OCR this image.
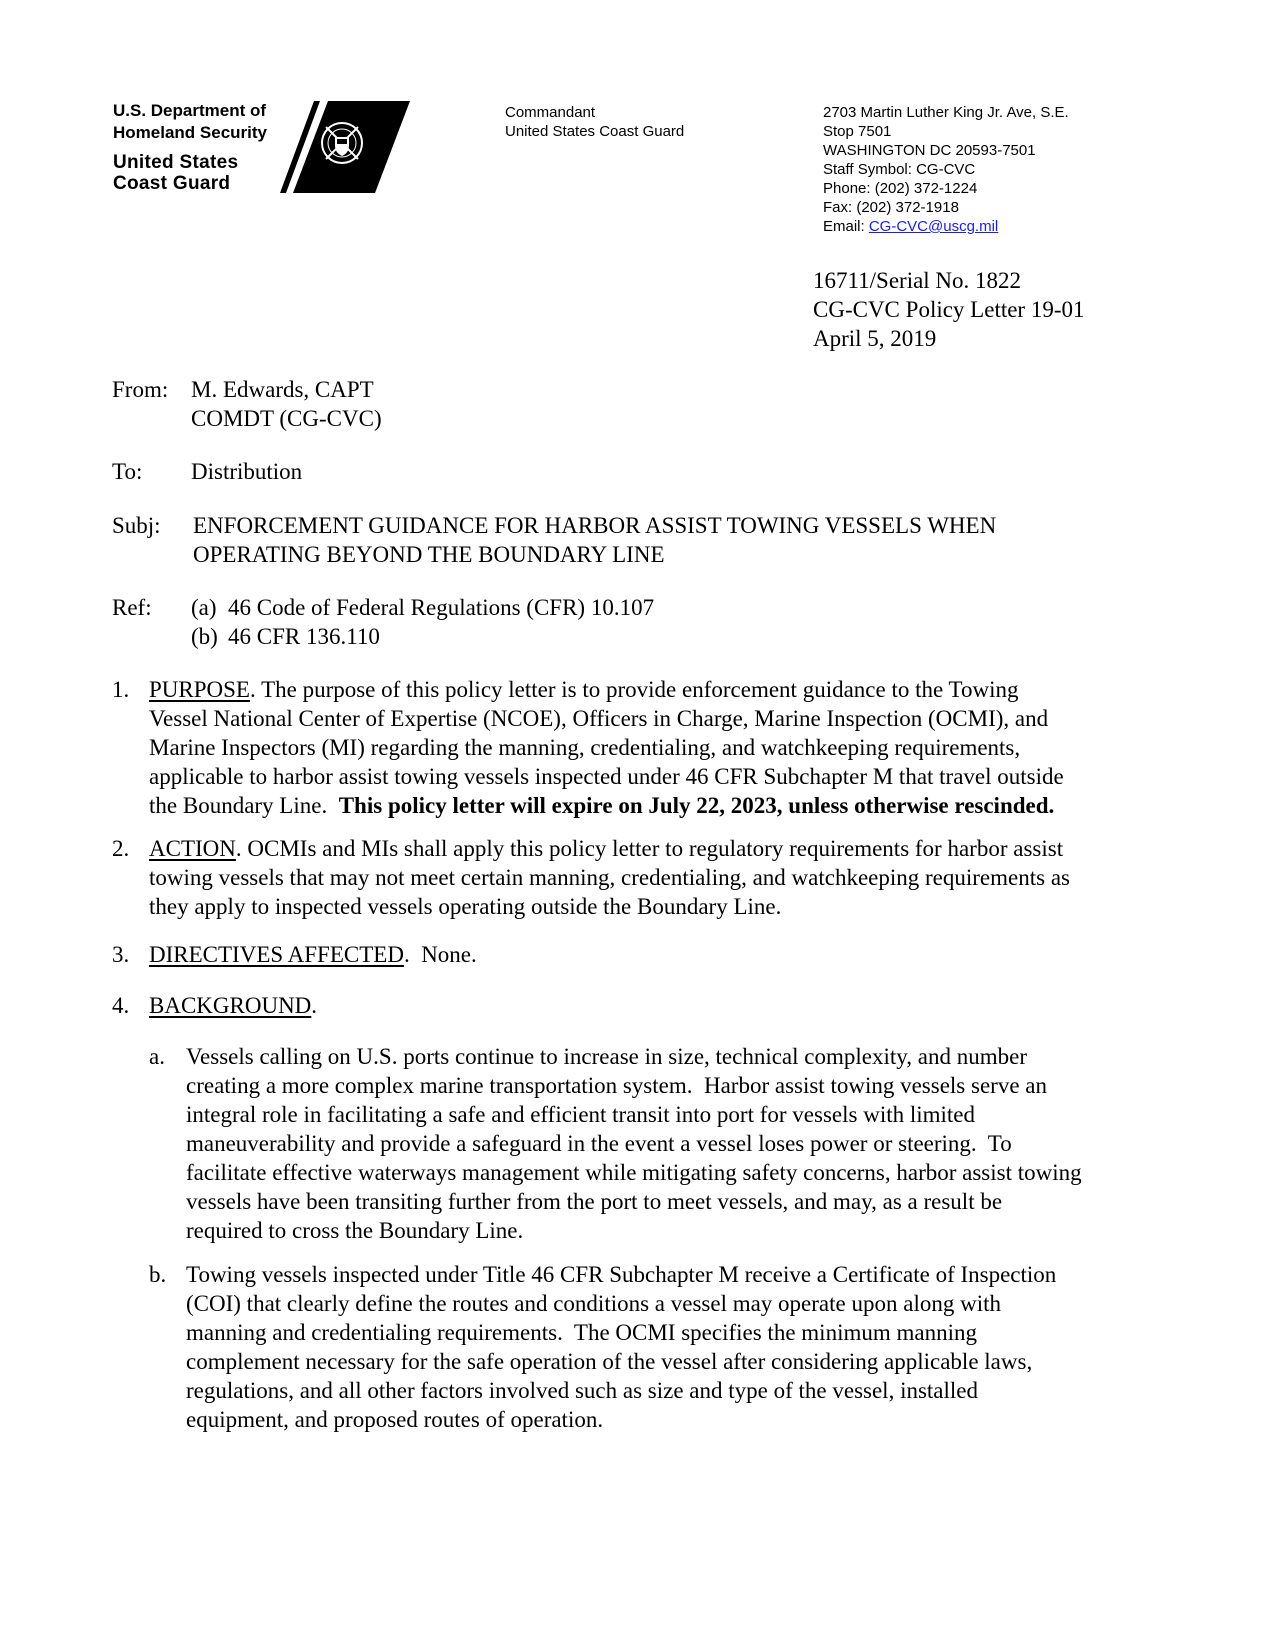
U.S. Department of
Homeland Security
United States
Coast Guard
Commandant
United States Coast Guard
2703 Martin Luther King Jr. Ave, S.E.
Stop 7501
WASHINGTON DC 20593-7501
Staff Symbol: CG-CVC
Phone: (202) 372-1224
Fax: (202) 372-1918
Email: CG-CVC@uscg.mil
16711/Serial No. 1822
CG-CVC Policy Letter 19-01
April 5, 2019
From: M. Edwards, CAPT
COMDT (CG-CVC)
To: Distribution
Subj: ENFORCEMENT GUIDANCE FOR HARBOR ASSIST TOWING VESSELS WHEN
OPERATING BEYOND THE BOUNDARY LINE
Ref: (a) 46 Code of Federal Regulations (CFR) 10.107
(b) 46 CFR 136.110
1. PURPOSE. The purpose of this policy letter is to provide enforcement guidance to the Towing
Vessel National Center of Expertise (NCOE), Officers in Charge, Marine Inspection (OCMI), and
Marine Inspectors (MI) regarding the manning, credentialing, and watchkeeping requirements,
applicable to harbor assist towing vessels inspected under 46 CFR Subchapter M that travel outside
the Boundary Line.  This policy letter will expire on July 22, 2023, unless otherwise rescinded.
2. ACTION. OCMIs and MIs shall apply this policy letter to regulatory requirements for harbor assist
towing vessels that may not meet certain manning, credentialing, and watchkeeping requirements as
they apply to inspected vessels operating outside the Boundary Line.
3. DIRECTIVES AFFECTED.  None.
4. BACKGROUND.
a. Vessels calling on U.S. ports continue to increase in size, technical complexity, and number
creating a more complex marine transportation system.  Harbor assist towing vessels serve an
integral role in facilitating a safe and efficient transit into port for vessels with limited
maneuverability and provide a safeguard in the event a vessel loses power or steering.  To
facilitate effective waterways management while mitigating safety concerns, harbor assist towing
vessels have been transiting further from the port to meet vessels, and may, as a result be
required to cross the Boundary Line.
b. Towing vessels inspected under Title 46 CFR Subchapter M receive a Certificate of Inspection
(COI) that clearly define the routes and conditions a vessel may operate upon along with
manning and credentialing requirements.  The OCMI specifies the minimum manning
complement necessary for the safe operation of the vessel after considering applicable laws,
regulations, and all other factors involved such as size and type of the vessel, installed
equipment, and proposed routes of operation.
